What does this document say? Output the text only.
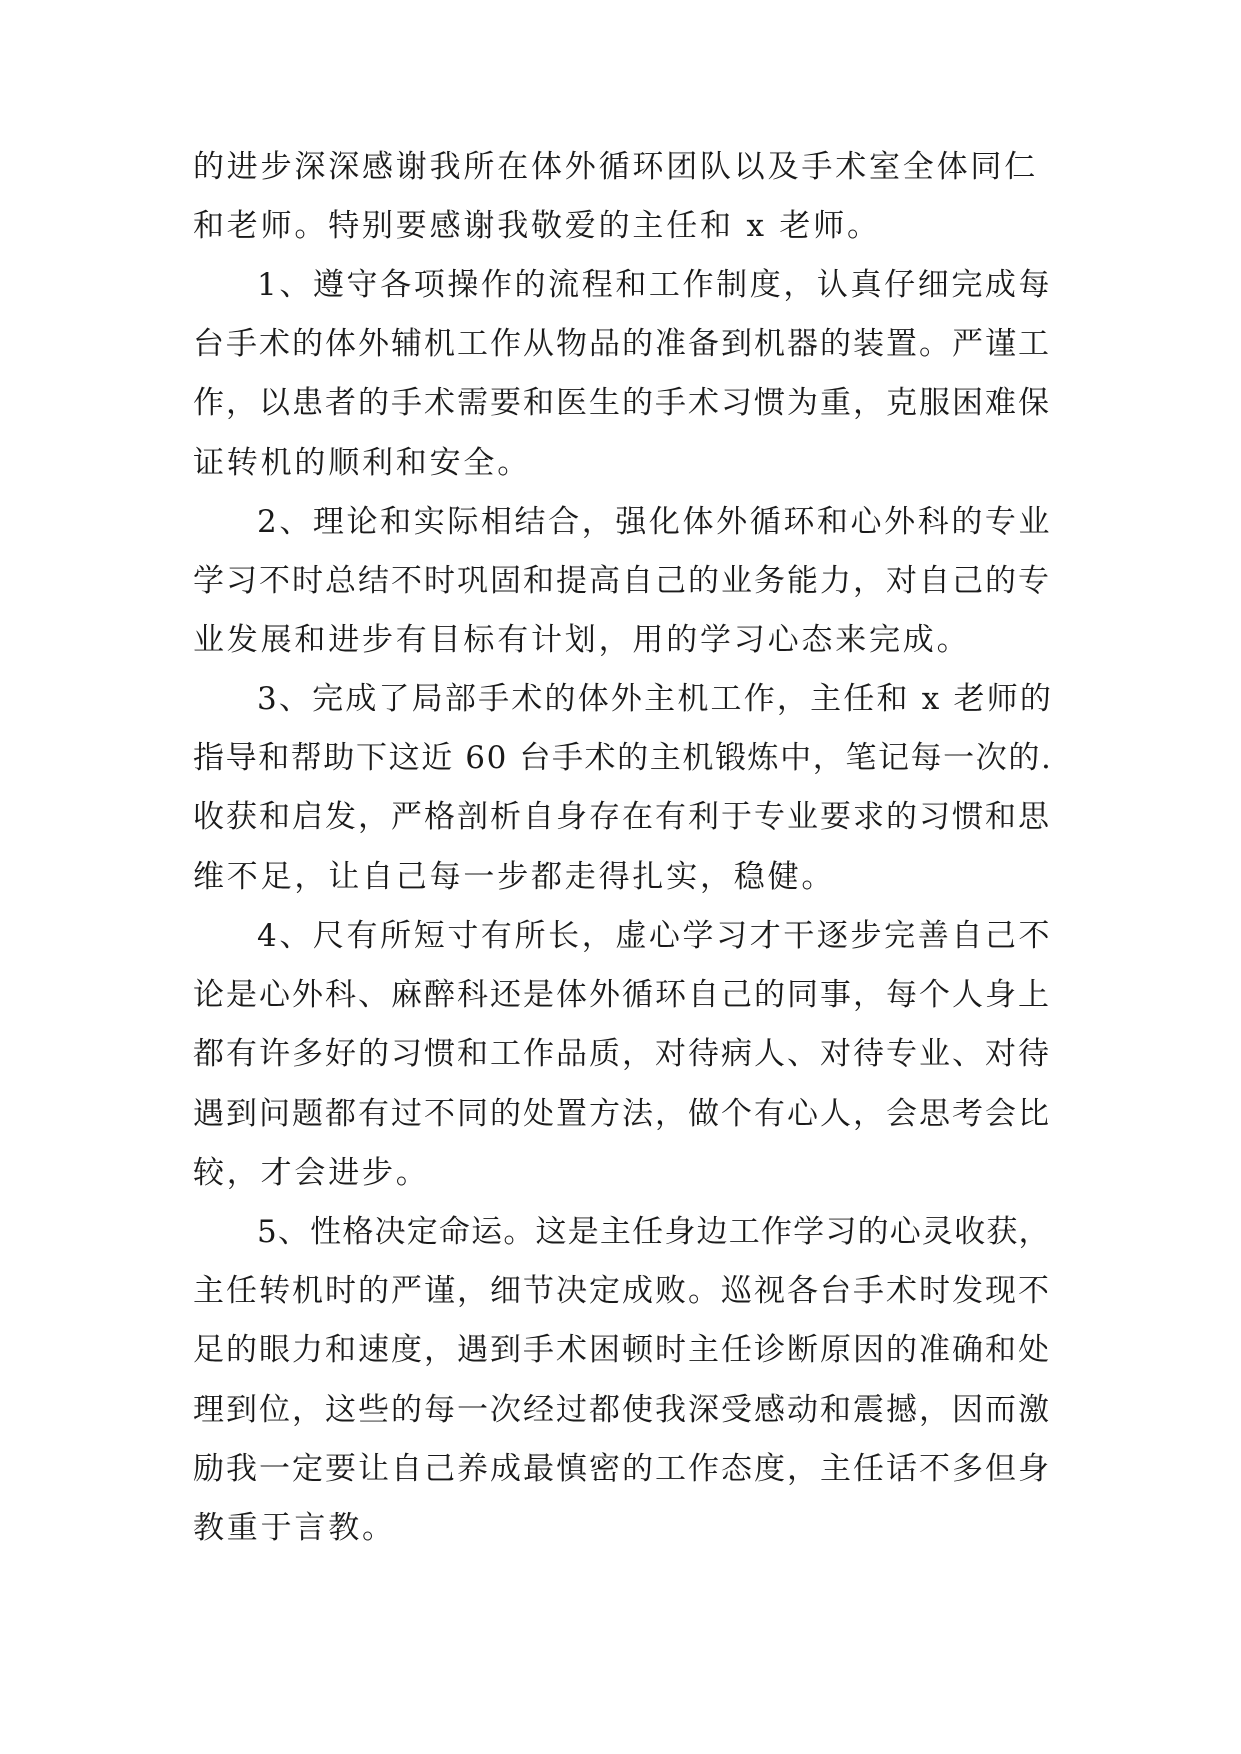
的进步深深感谢我所在体外循环团队以及手术室全体同仁
和老师。特别要感谢我敬爱的主任和 x 老师。
1、遵守各项操作的流程和工作制度，认真仔细完成每
台手术的体外辅机工作从物品的准备到机器的装置。严谨工
作，以患者的手术需要和医生的手术习惯为重，克服困难保
证转机的顺利和安全。
2、理论和实际相结合，强化体外循环和心外科的专业
学习不时总结不时巩固和提高自己的业务能力，对自己的专
业发展和进步有目标有计划，用的学习心态来完成。
3、完成了局部手术的体外主机工作，主任和 x 老师的
指导和帮助下这近 60 台手术的主机锻炼中，笔记每一次的.
收获和启发，严格剖析自身存在有利于专业要求的习惯和思
维不足，让自己每一步都走得扎实，稳健。
4、尺有所短寸有所长，虚心学习才干逐步完善自己不
论是心外科、麻醉科还是体外循环自己的同事，每个人身上
都有许多好的习惯和工作品质，对待病人、对待专业、对待
遇到问题都有过不同的处置方法，做个有心人，会思考会比
较，才会进步。
5、性格决定命运。这是主任身边工作学习的心灵收获，
主任转机时的严谨，细节决定成败。巡视各台手术时发现不
足的眼力和速度，遇到手术困顿时主任诊断原因的准确和处
理到位，这些的每一次经过都使我深受感动和震撼，因而激
励我一定要让自己养成最慎密的工作态度，主任话不多但身
教重于言教。
